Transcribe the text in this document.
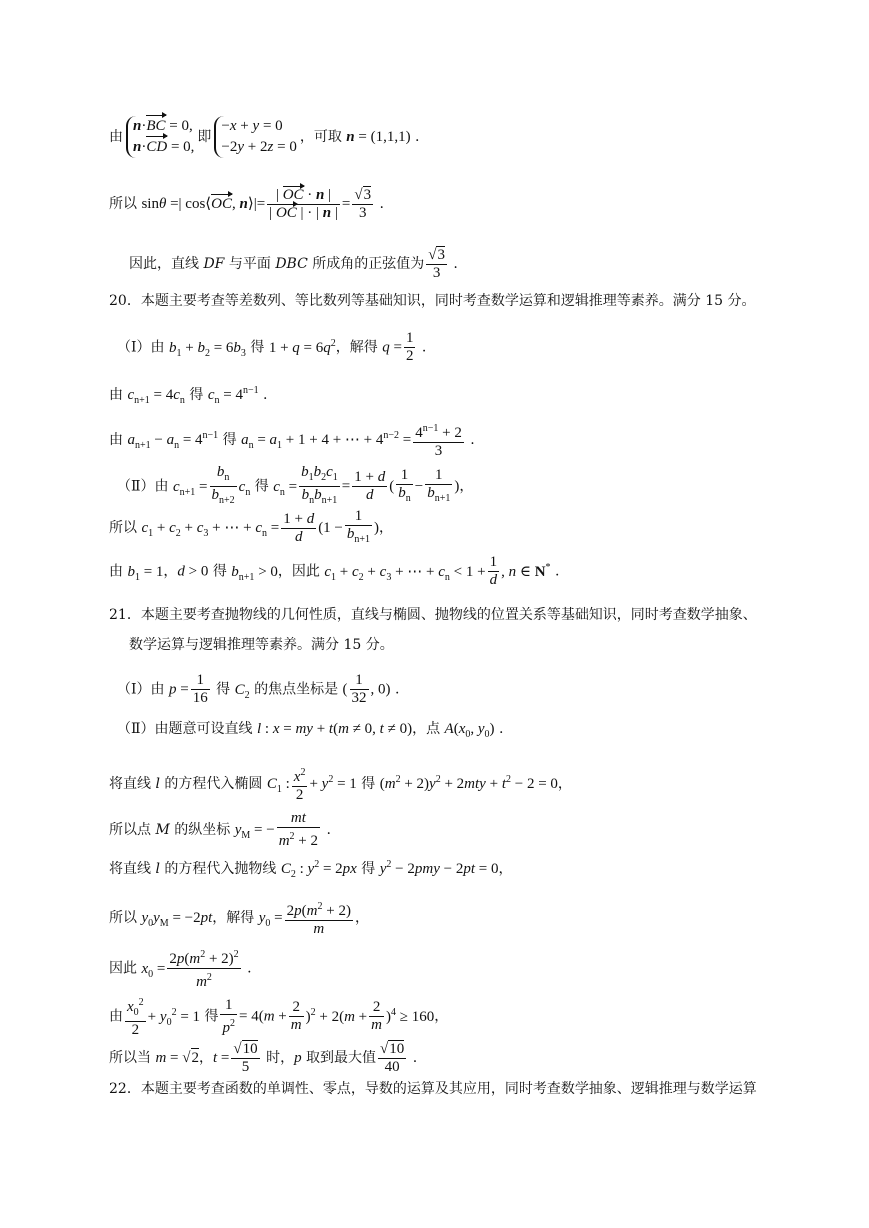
由
n·BC = 0,
n·CD = 0,
即
−x + y = 0
−2y + 2z = 0
，可取 n = (1,1,1) .
所以 sinθ =| cos⟨OC, n⟩|= $\frac{| OC \cdot n |}{| OC | \cdot | n |} = \frac{√3}{3}$ .
因此，直线 DF 与平面 DBC 所成角的正弦值为 $\frac{√3}{3}$ .
20．本题主要考查等差数列、等比数列等基础知识，同时考查数学运算和逻辑推理等素养。满分 15 分。
（Ⅰ）由 $b_1 + b_2 = 6b_3$ 得 $1 + q = 6q^2$，解得 $q = \frac{1}{2}$ .
由 $c_{n+1} = 4c_n$ 得 $c_n = 4^{n-1}$ .
由 $a_{n+1} - a_n = 4^{n-1}$ 得 $a_n = a_1 + 1 + 4$ + ⋯ + $4^{n-2} = \frac{4^{n-1} + 2}{3}$ .
（Ⅱ）由 $c_{n+1} = \frac{b_n}{b_{n+2}} c_n$ 得 $c_n = \frac{b_1b_2c_1}{b_nb_{n+1}} = \frac{1 + d}{d}$ ( $\frac{1}{b_n} - \frac{1}{b_{n+1}}$ )，
所以 $c_1 + c_2 + c_3$ + ⋯ + $c_n = \frac{1 + d}{d} (1 - \frac{1}{b_{n+1}}$ )，
由 $b_1 = 1$，d > 0 得 $b_{n+1} > 0$，因此 $c_1 + c_2 + c_3$ + ⋯ + $c_n < 1 + \frac{1}{d}$ , n ∈ N* .
21．本题主要考查抛物线的几何性质，直线与椭圆、抛物线的位置关系等基础知识，同时考查数学抽象、
数学运算与逻辑推理等素养。满分 15 分。
（Ⅰ）由 $p = \frac{1}{16}$ 得 $C_2$ 的焦点坐标是 ( $\frac{1}{32}$ , 0) .
（Ⅱ）由题意可设直线 l : x = my + t(m ≠ 0, t ≠ 0)，点 $A(x_0$, $y_0$) .
将直线 l 的方程代入椭圆 $C_1$ : $\frac{x^2}{2} + y^2 = 1$ 得 $(m^2 + 2)y^2 + 2mty + t^2 - 2 = 0$，
所以点 M 的纵坐标 $y_M$ = − $\frac{mt}{m^2 + 2}$ .
将直线 l 的方程代入抛物线 $C_2$ : $y^2 = 2px$ 得 $y^2 - 2pmy - 2pt = 0$，
所以 $y_0y_M = -2pt$，解得 $y_0 = \frac{2p(m^2 + 2)}{m}$ ，
因此 $x_0 = \frac{2p(m^2 + 2)^2}{m^2}$ .
由 $\frac{x_0^2}{2} + y_0^2 = 1$ 得 $\frac{1}{p^2} = 4(m + \frac{2}{m} )^2 + 2(m + \frac{2}{m} )^4 \ge 160$，
所以当 m = √2，$t = \frac{√10}{5}$ 时，p 取到最大值 $\frac{√10}{40}$ .
22．本题主要考查函数的单调性、零点，导数的运算及其应用，同时考查数学抽象、逻辑推理与数学运算
